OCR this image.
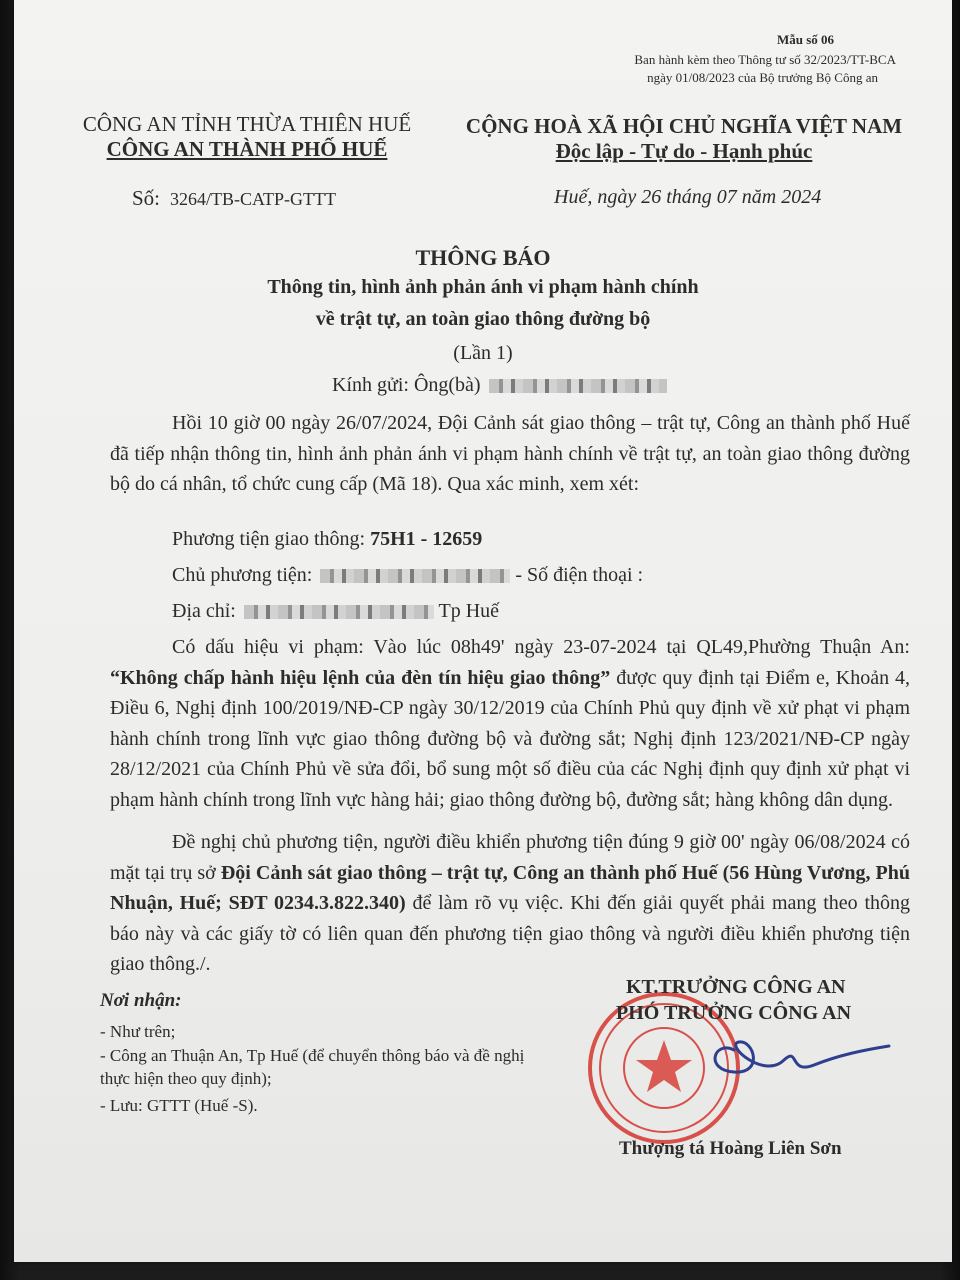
Mẫu số 06
Ban hành kèm theo Thông tư số 32/2023/TT-BCA
ngày 01/08/2023 của Bộ trưởng Bộ Công an
CÔNG AN TỈNH THỪA THIÊN HUẾ
CÔNG AN THÀNH PHỐ HUẾ
CỘNG HOÀ XÃ HỘI CHỦ NGHĨA VIỆT NAM
Độc lập - Tự do - Hạnh phúc
Số: 3264/TB-CATP-GTTT	Huế, ngày 26 tháng 07 năm 2024
THÔNG BÁO
Thông tin, hình ảnh phản ánh vi phạm hành chính
về trật tự, an toàn giao thông đường bộ
(Lần 1)
Kính gửi: Ông(bà)
Hồi 10 giờ 00 ngày 26/07/2024, Đội Cảnh sát giao thông – trật tự, Công an thành phố Huế đã tiếp nhận thông tin, hình ảnh phản ánh vi phạm hành chính về trật tự, an toàn giao thông đường bộ do cá nhân, tổ chức cung cấp (Mã 18). Qua xác minh, xem xét:
Phương tiện giao thông: 75H1 - 12659
Chủ phương tiện:	- Số điện thoại :
Địa chỉ:	Tp Huế
Có dấu hiệu vi phạm: Vào lúc 08h49' ngày 23-07-2024 tại QL49,Phường Thuận An: “Không chấp hành hiệu lệnh của đèn tín hiệu giao thông” được quy định tại Điểm e, Khoản 4, Điều 6, Nghị định 100/2019/NĐ-CP ngày 30/12/2019 của Chính Phủ quy định về xử phạt vi phạm hành chính trong lĩnh vực giao thông đường bộ và đường sắt; Nghị định 123/2021/NĐ-CP ngày 28/12/2021 của Chính Phủ về sửa đổi, bổ sung một số điều của các Nghị định quy định xử phạt vi phạm hành chính trong lĩnh vực hàng hải; giao thông đường bộ, đường sắt; hàng không dân dụng.
Đề nghị chủ phương tiện, người điều khiển phương tiện đúng 9 giờ 00' ngày 06/08/2024 có mặt tại trụ sở Đội Cảnh sát giao thông – trật tự, Công an thành phố Huế (56 Hùng Vương, Phú Nhuận, Huế; SĐT 0234.3.822.340) để làm rõ vụ việc. Khi đến giải quyết phải mang theo thông báo này và các giấy tờ có liên quan đến phương tiện giao thông và người điều khiển phương tiện giao thông./.
Nơi nhận:
- Như trên;
- Công an Thuận An, Tp Huế (để chuyển thông báo và đề nghị thực hiện theo quy định);
- Lưu: GTTT (Huế -S).
KT.TRƯỞNG CÔNG AN
PHÓ TRƯỞNG CÔNG AN
Thượng tá Hoàng Liên Sơn
